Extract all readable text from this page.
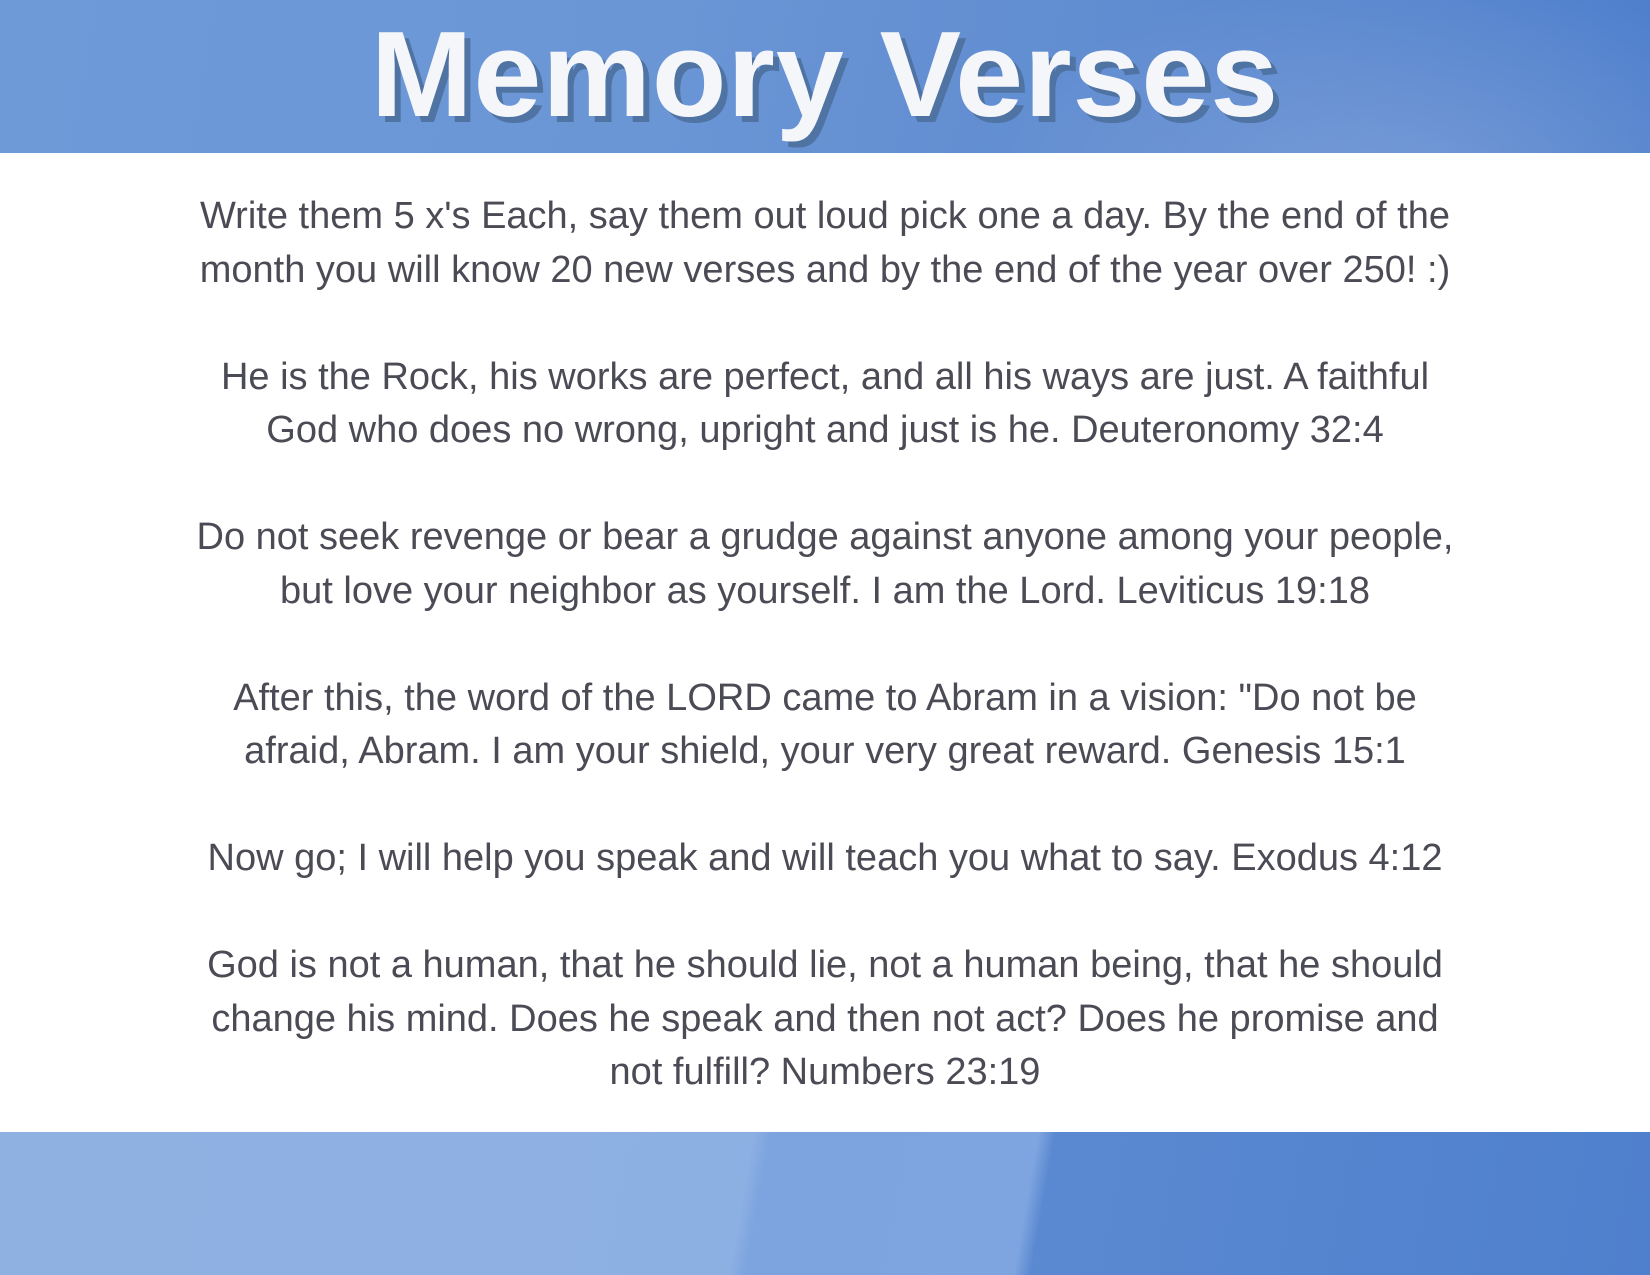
Memory Verses

Write them 5 x's Each, say them out loud pick one a day. By the end of the
month you will know 20 new verses and by the end of the year over 250! :)

He is the Rock, his works are perfect, and all his ways are just. A faithful
God who does no wrong, upright and just is he. Deuteronomy 32:4

Do not seek revenge or bear a grudge against anyone among your people,
but love your neighbor as yourself. I am the Lord. Leviticus 19:18

After this, the word of the LORD came to Abram in a vision: "Do not be
afraid, Abram. I am your shield, your very great reward. Genesis 15:1

Now go; I will help you speak and will teach you what to say. Exodus 4:12

God is not a human, that he should lie, not a human being, that he should
change his mind. Does he speak and then not act? Does he promise and
not fulfill? Numbers 23:19
